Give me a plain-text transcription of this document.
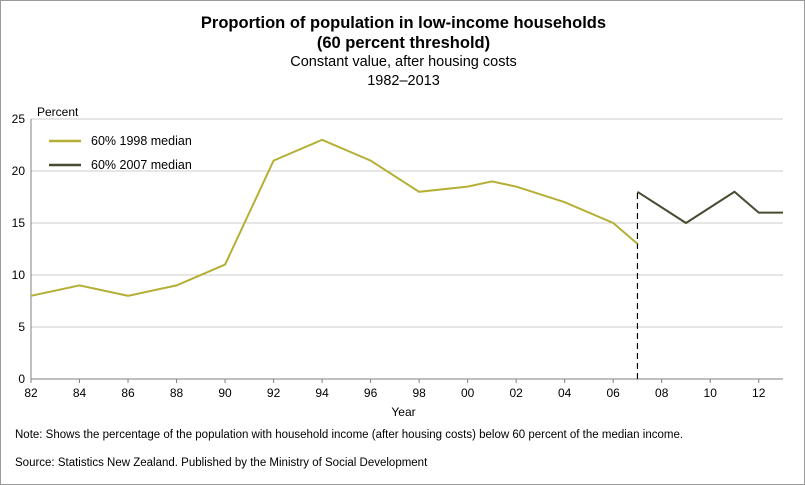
Proportion of population in low-income households
(60 percent threshold)
Constant value, after housing costs
1982–2013
Percent
0
5
10
15
20
25
82	84	86	88	90	92	94	96	98	00	02	04	06	08	10	12
60% 1998 median
60% 2007 median
Year
Note: Shows the percentage of the population with household income (after housing costs) below 60 percent of the median income.
Source: Statistics New Zealand. Published by the Ministry of Social Development
